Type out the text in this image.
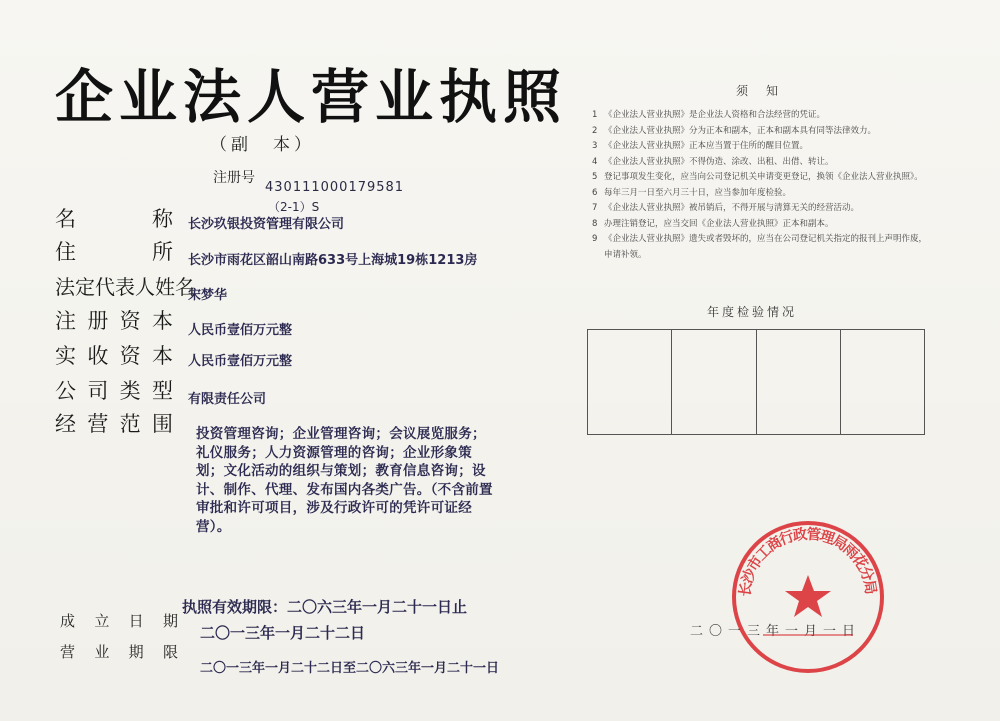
企业法人营业执照
（副　本）
注册号
430111000179581
（2-1）S
名	称
住	所
法定代表人姓名
注 册 资 本
实 收 资 本
公 司 类 型
经 营 范 围
长沙玖银投资管理有限公司
长沙市雨花区韶山南路633号上海城19栋1213房
宋梦华
人民币壹佰万元整
人民币壹佰万元整
有限责任公司
投资管理咨询；企业管理咨询；会议展览服务；礼仪服务；人力资源管理的咨询；企业形象策划；文化活动的组织与策划；教育信息咨询；设计、制作、代理、发布国内各类广告。（不含前置审批和许可项目，涉及行政许可的凭许可证经营）。
成 立 日 期
营 业 期 限
执照有效期限：二〇六三年一月二十一日止
二〇一三年一月二十二日
二〇一三年一月二十二日至二〇六三年一月二十一日
须知
1 《企业法人营业执照》是企业法人资格和合法经营的凭证。
2 《企业法人营业执照》分为正本和副本，正本和副本具有同等法律效力。
3 《企业法人营业执照》正本应当置于住所的醒目位置。
4 《企业法人营业执照》不得伪造、涂改、出租、出借、转让。
5 登记事项发生变化，应当向公司登记机关申请变更登记，换领《企业法人营业执照》。
6 每年三月一日至六月三十日，应当参加年度检验。
7 《企业法人营业执照》被吊销后，不得开展与清算无关的经营活动。
8 办理注销登记，应当交回《企业法人营业执照》正本和副本。
9 《企业法人营业执照》遗失或者毁坏的，应当在公司登记机关指定的报刊上声明作废，申请补领。
年度检验情况
二〇一三年一月一日
长沙市工商行政管理局雨花分局
